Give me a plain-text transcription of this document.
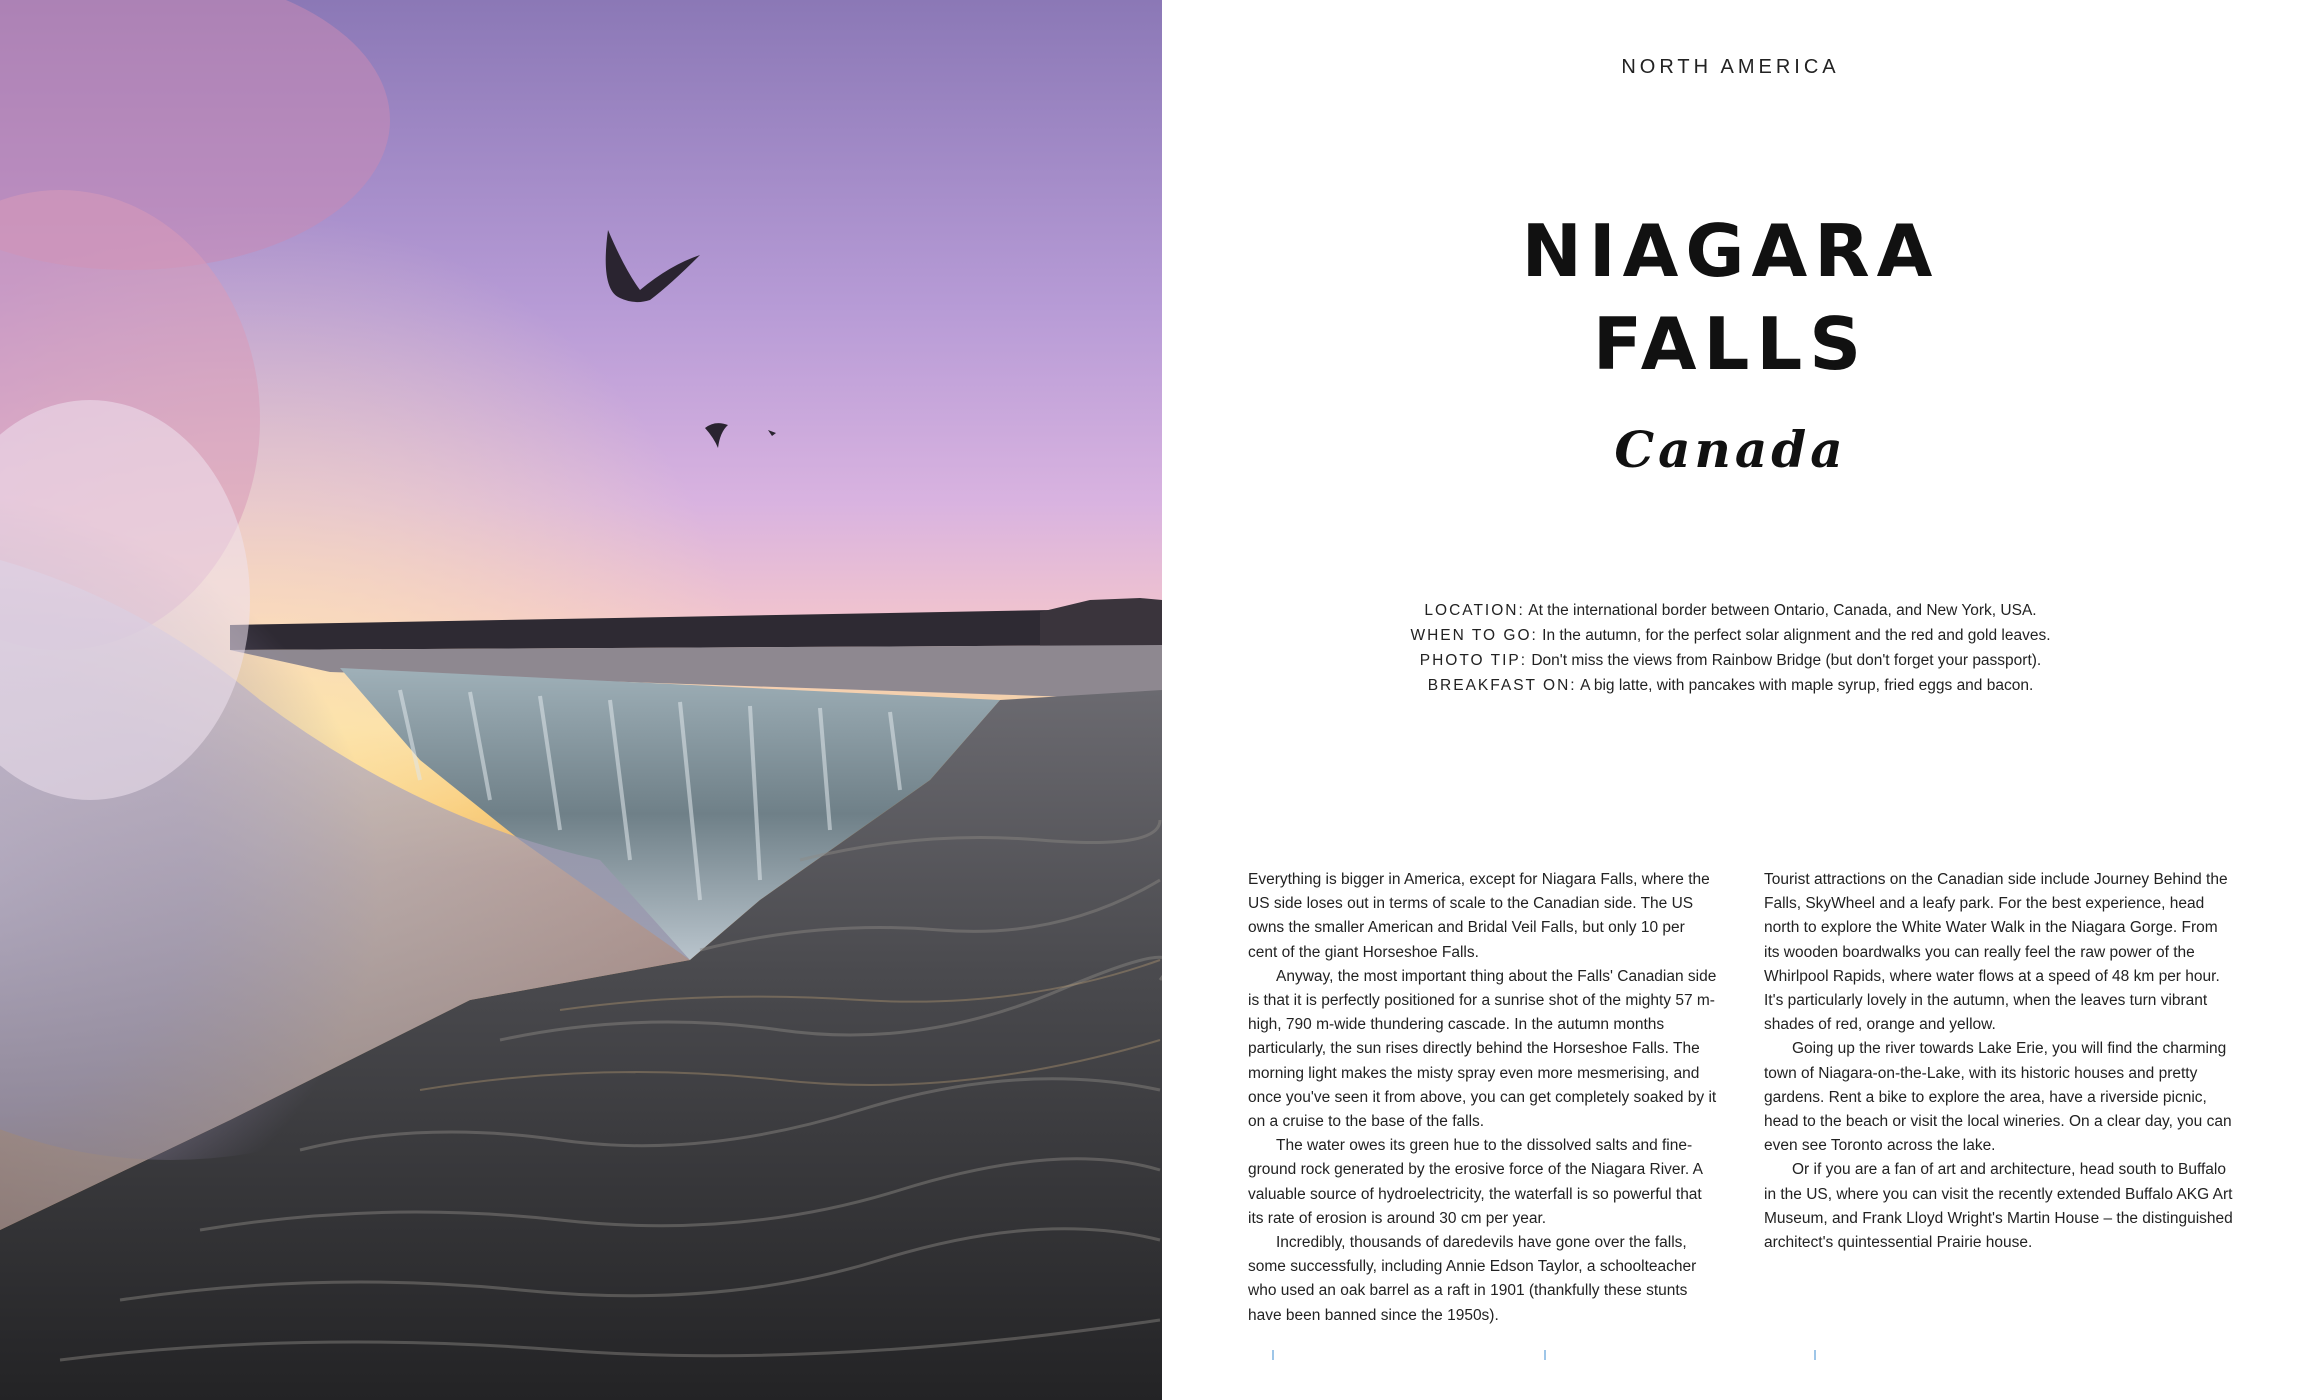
NORTH AMERICA
NIAGARA
FALLS
Canada
LOCATION: At the international border between Ontario, Canada, and New York, USA.
WHEN TO GO: In the autumn, for the perfect solar alignment and the red and gold leaves.
PHOTO TIP: Don't miss the views from Rainbow Bridge (but don't forget your passport).
BREAKFAST ON: A big latte, with pancakes with maple syrup, fried eggs and bacon.

Everything is bigger in America, except for Niagara Falls, where the US side loses out in terms of scale to the Canadian side. The US owns the smaller American and Bridal Veil Falls, but only 10 per cent of the giant Horseshoe Falls.

Anyway, the most important thing about the Falls' Canadian side is that it is perfectly positioned for a sunrise shot of the mighty 57 m-high, 790 m-wide thundering cascade. In the autumn months particularly, the sun rises directly behind the Horseshoe Falls. The morning light makes the misty spray even more mesmerising, and once you've seen it from above, you can get completely soaked by it on a cruise to the base of the falls.

The water owes its green hue to the dissolved salts and fine-ground rock generated by the erosive force of the Niagara River. A valuable source of hydroelectricity, the waterfall is so powerful that its rate of erosion is around 30 cm per year.

Incredibly, thousands of daredevils have gone over the falls, some successfully, including Annie Edson Taylor, a schoolteacher who used an oak barrel as a raft in 1901 (thankfully these stunts have been banned since the 1950s).

Tourist attractions on the Canadian side include Journey Behind the Falls, SkyWheel and a leafy park. For the best experience, head north to explore the White Water Walk in the Niagara Gorge. From its wooden boardwalks you can really feel the raw power of the Whirlpool Rapids, where water flows at a speed of 48 km per hour. It's particularly lovely in the autumn, when the leaves turn vibrant shades of red, orange and yellow.

Going up the river towards Lake Erie, you will find the charming town of Niagara-on-the-Lake, with its historic houses and pretty gardens. Rent a bike to explore the area, have a riverside picnic, head to the beach or visit the local wineries. On a clear day, you can even see Toronto across the lake.

Or if you are a fan of art and architecture, head south to Buffalo in the US, where you can visit the recently extended Buffalo AKG Art Museum, and Frank Lloyd Wright's Martin House – the distinguished architect's quintessential Prairie house.
